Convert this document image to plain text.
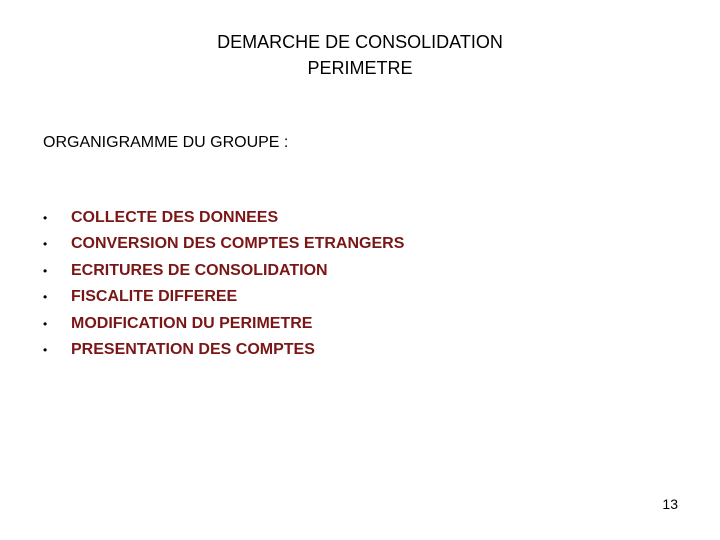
DEMARCHE DE CONSOLIDATION
PERIMETRE
ORGANIGRAMME DU GROUPE :
•	COLLECTE DES DONNEES
•	CONVERSION DES COMPTES ETRANGERS
•	ECRITURES DE CONSOLIDATION
•	FISCALITE DIFFEREE
•	MODIFICATION DU PERIMETRE
•	PRESENTATION DES COMPTES
13
